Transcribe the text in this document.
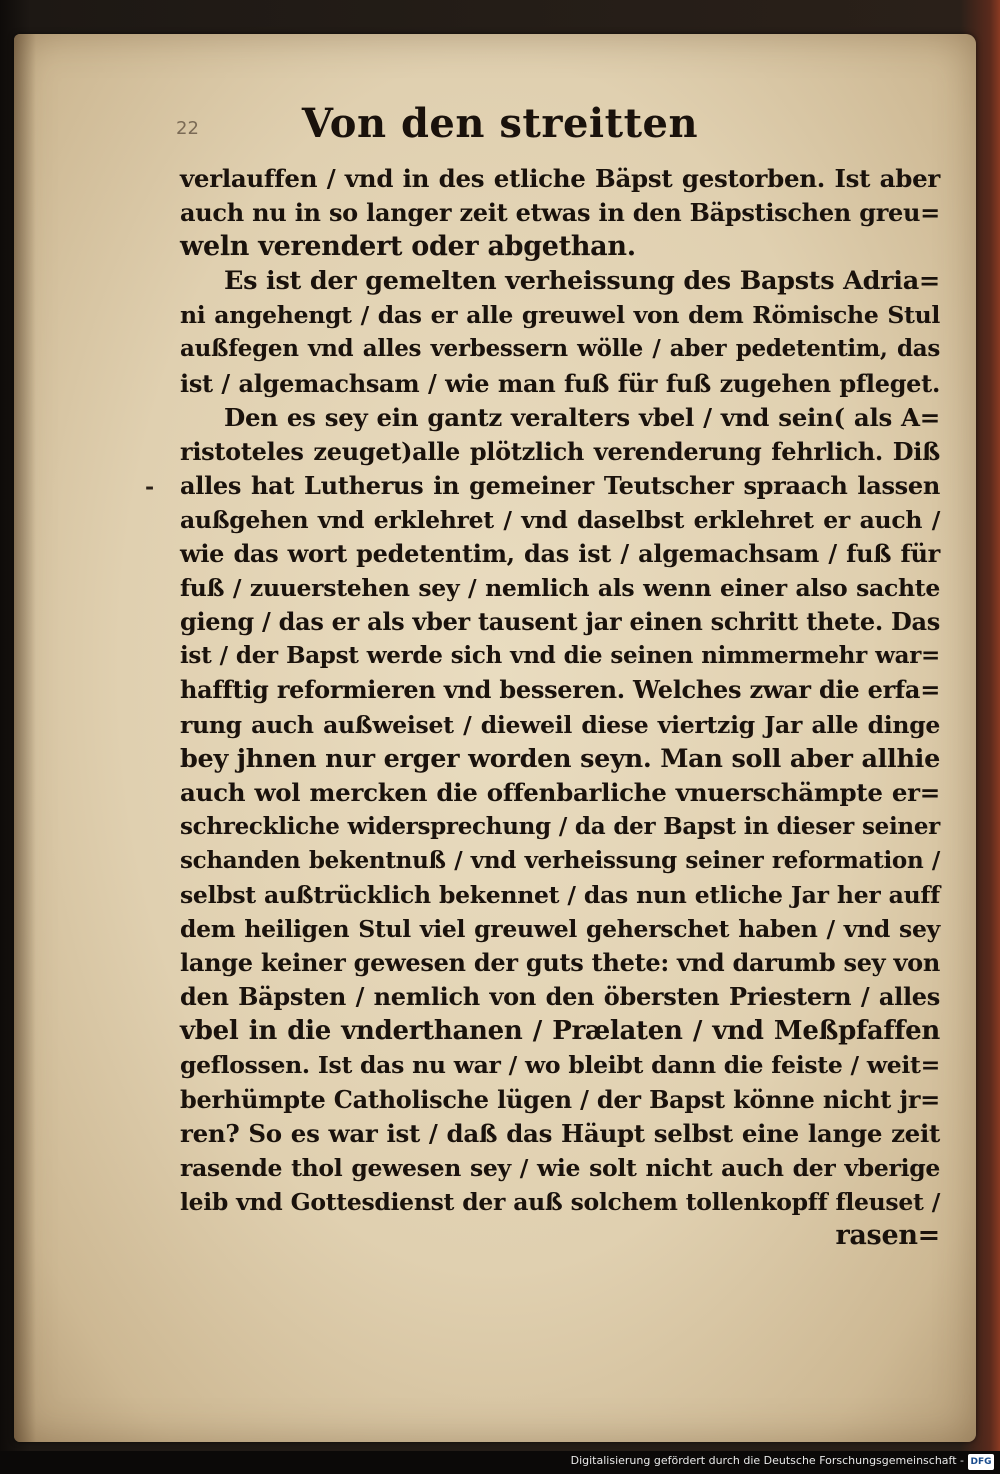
22	Von den streitten
-
verlauffen / vnd in des etliche Bäpst gestorben. Ist aber
auch nu in so langer zeit etwas in den Bäpstischen greu=
weln verendert oder abgethan.
Es ist der gemelten verheissung des Bapsts Adria=
ni angehengt / das er alle greuwel von dem Römische Stul
außfegen vnd alles verbessern wölle / aber pedetentim, das
ist / algemachsam / wie man fuß für fuß zugehen pfleget.
Den es sey ein gantz veralters vbel / vnd sein( als A=
ristoteles zeuget)alle plötzlich verenderung fehrlich. Diß
alles hat Lutherus in gemeiner Teutscher spraach lassen
außgehen vnd erklehret / vnd daselbst erklehret er auch /
wie das wort pedetentim, das ist / algemachsam / fuß für
fuß / zuuerstehen sey / nemlich als wenn einer also sachte
gieng / das er als vber tausent jar einen schritt thete. Das
ist / der Bapst werde sich vnd die seinen nimmermehr war=
hafftig reformieren vnd besseren. Welches zwar die erfa=
rung auch außweiset / dieweil diese viertzig Jar alle dinge
bey jhnen nur erger worden seyn. Man soll aber allhie
auch wol mercken die offenbarliche vnuerschämpte er=
schreckliche widersprechung / da der Bapst in dieser seiner
schanden bekentnuß / vnd verheissung seiner reformation /
selbst außtrücklich bekennet / das nun etliche Jar her auff
dem heiligen Stul viel greuwel geherschet haben / vnd sey
lange keiner gewesen der guts thete: vnd darumb sey von
den Bäpsten / nemlich von den öbersten Priestern / alles
vbel in die vnderthanen / Prælaten / vnd Meßpfaffen
geflossen. Ist das nu war / wo bleibt dann die feiste / weit=
berhümpte Catholische lügen / der Bapst könne nicht jr=
ren? So es war ist / daß das Häupt selbst eine lange zeit
rasende thol gewesen sey / wie solt nicht auch der vberige
leib vnd Gottesdienst der auß solchem tollenkopff fleuset /
rasen=
Digitalisierung gefördert durch die Deutsche Forschungsgemeinschaft - DFG
